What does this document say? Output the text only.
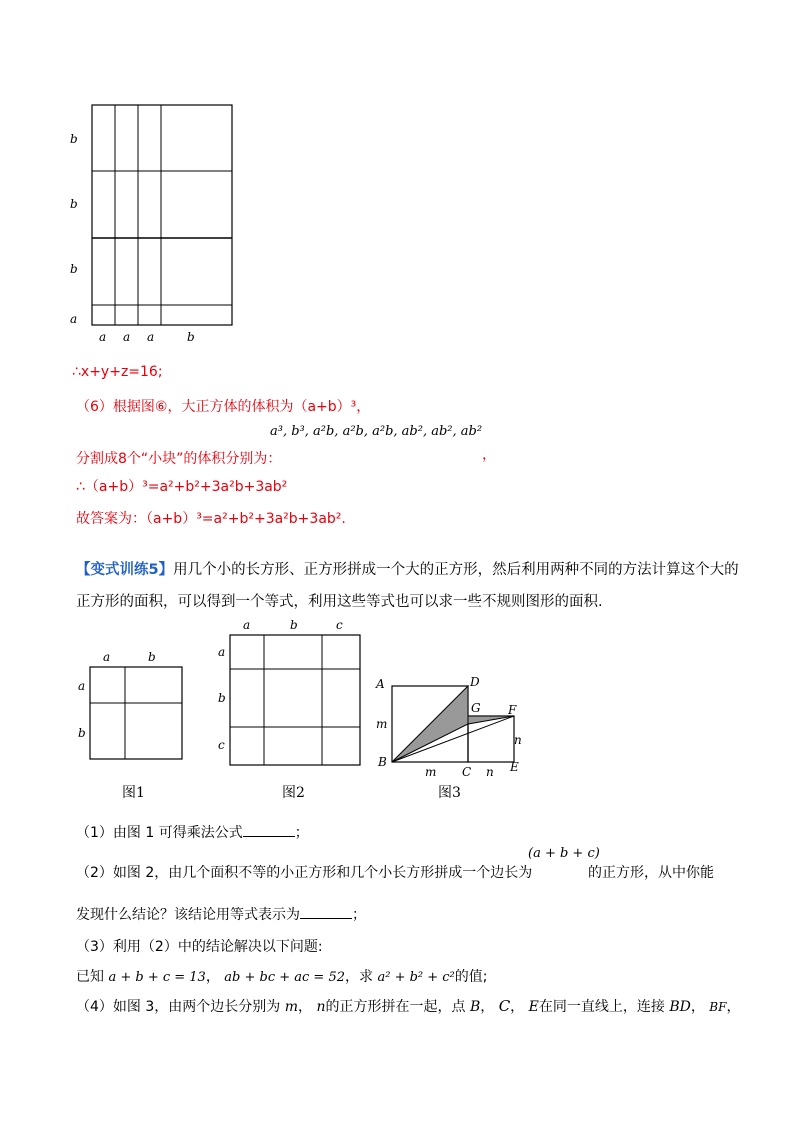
b
b
b
a
a a a	b
∴x+y+z=16;
（6）根据图⑥，大正方体的体积为（a+b）³，
分割成8个“小块”的体积分别为：
a³, b³, a²b, a²b, a²b, ab², ab², ab²
，
∴（a+b）³=a²+b²+3a²b+3ab²
故答案为：（a+b）³=a²+b²+3a²b+3ab².
【变式训练5】用几个小的长方形、正方形拼成一个大的正方形，然后利用两种不同的方法计算这个大的
正方形的面积，可以得到一个等式，利用这些等式也可以求一些不规则图形的面积.
a	b
a
b
图1
a	b	c
a
b
c
图2
A	D
G F
B
C	E
m
m	n
n
图3
（1）由图 1 可得乘法公式	；
（2）如图 2，由几个面积不等的小正方形和几个小长方形拼成一个边长为
(a + b + c)
的正方形，从中你能
发现什么结论？该结论用等式表示为	；
（3）利用（2）中的结论解决以下问题:
已知 a + b + c = 13， ab + bc + ac = 52，求 a² + b² + c²的值;
（4）如图 3，由两个边长分别为 m， n的正方形拼在一起，点 B， C， E在同一直线上，连接 BD， BF，
